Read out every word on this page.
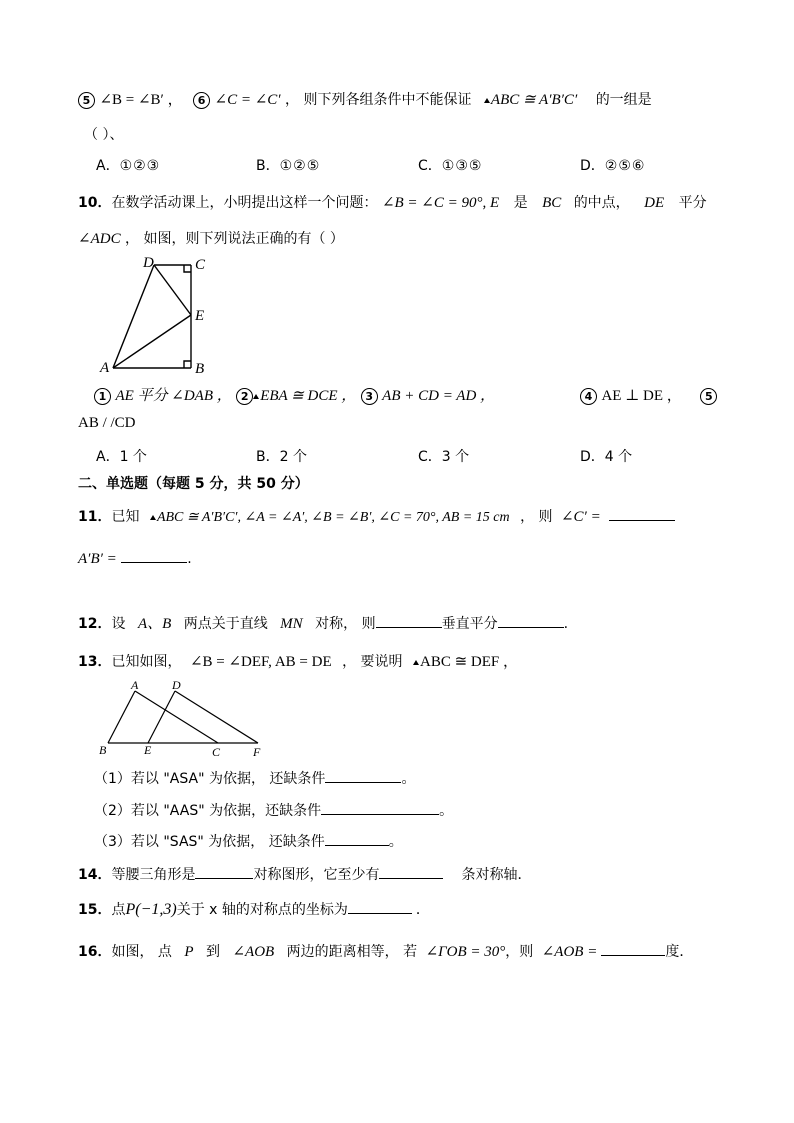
5 ∠B = ∠B′ ， 6 ∠C = ∠C′ ， 则下列各组条件中不能保证 ABC ≅ A′B′C′ 的一组是
（ ）、
A．①②③	B．①②⑤	C．①③⑤	D．②⑤⑥
10．在数学活动课上，小明提出这样一个问题： ∠B = ∠C = 90°, E 是 BC 的中点， DE 平分
∠ADC ， 如图，则下列说法正确的有（ ）
D	C
E
A	B
1 AE 平分 ∠DAB ， 2 EBA ≅ DCE ， 3 AB + CD = AD ，	4 AE ⊥ DE ， 5
AB / /CD
A．1 个	B．2 个	C．3 个	D．4 个
二、单选题（每题 5 分，共 50 分）
11．已知 ABC ≅ A′B′C′, ∠A = ∠A′, ∠B = ∠B′, ∠C = 70°, AB = 15 cm ， 则 ∠C′ =
A′B′ =	.
12．设 A、B 两点关于直线 MN 对称， 则	垂直平分	.
13．已知如图， ∠B = ∠DEF, AB = DE ， 要说明 ABC ≅ DEF ，
A	D
B	E	C	F
（1）若以 "ASA" 为依据， 还缺条件	。
（2）若以 "AAS" 为依据，还缺条件	。
（3）若以 "SAS" 为依据， 还缺条件	。
14．等腰三角形是	对称图形，它至少有	条对称轴．
15．点P(−1,3)关于 x 轴的对称点的坐标为	．
16．如图， 点 P 到 ∠AOB 两边的距离相等， 若 ∠ΓOB = 30°，则 ∠AOB =	度．
